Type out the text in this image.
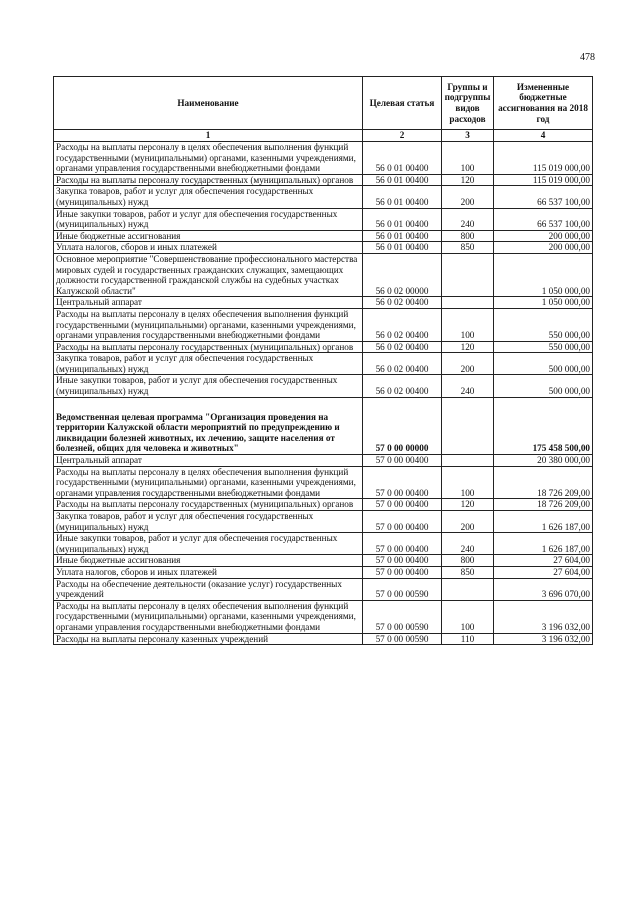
478
Наименование	Целевая статья	Группы и подгруппы видов расходов	Измененные бюджетные ассигнования на 2018 год
1	2	3	4
Расходы на выплаты персоналу в целях обеспечения выполнения функций государственными (муниципальными) органами, казенными учреждениями, органами управления государственными внебюджетными фондами	56 0 01 00400	100	115 019 000,00
Расходы на выплаты персоналу государственных (муниципальных) органов	56 0 01 00400	120	115 019 000,00
Закупка товаров, работ и услуг для обеспечения государственных (муниципальных) нужд	56 0 01 00400	200	66 537 100,00
Иные закупки товаров, работ и услуг для обеспечения государственных (муниципальных) нужд	56 0 01 00400	240	66 537 100,00
Иные бюджетные ассигнования	56 0 01 00400	800	200 000,00
Уплата налогов, сборов и иных платежей	56 0 01 00400	850	200 000,00
Основное мероприятие "Совершенствование профессионального мастерства мировых судей и государственных гражданских служащих, замещающих должности государственной гражданской службы на судебных участках Калужской области"	56 0 02 00000		1 050 000,00
Центральный аппарат	56 0 02 00400		1 050 000,00
Расходы на выплаты персоналу в целях обеспечения выполнения функций государственными (муниципальными) органами, казенными учреждениями, органами управления государственными внебюджетными фондами	56 0 02 00400	100	550 000,00
Расходы на выплаты персоналу государственных (муниципальных) органов	56 0 02 00400	120	550 000,00
Закупка товаров, работ и услуг для обеспечения государственных (муниципальных) нужд	56 0 02 00400	200	500 000,00
Иные закупки товаров, работ и услуг для обеспечения государственных (муниципальных) нужд	56 0 02 00400	240	500 000,00
Ведомственная целевая программа "Организация проведения на территории Калужской области мероприятий по предупреждению и ликвидации болезней животных, их лечению, защите населения от болезней, общих для человека и животных"	57 0 00 00000		175 458 500,00
Центральный аппарат	57 0 00 00400		20 380 000,00
Расходы на выплаты персоналу в целях обеспечения выполнения функций государственными (муниципальными) органами, казенными учреждениями, органами управления государственными внебюджетными фондами	57 0 00 00400	100	18 726 209,00
Расходы на выплаты персоналу государственных (муниципальных) органов	57 0 00 00400	120	18 726 209,00
Закупка товаров, работ и услуг для обеспечения государственных (муниципальных) нужд	57 0 00 00400	200	1 626 187,00
Иные закупки товаров, работ и услуг для обеспечения государственных (муниципальных) нужд	57 0 00 00400	240	1 626 187,00
Иные бюджетные ассигнования	57 0 00 00400	800	27 604,00
Уплата налогов, сборов и иных платежей	57 0 00 00400	850	27 604,00
Расходы на обеспечение деятельности (оказание услуг) государственных учреждений	57 0 00 00590		3 696 070,00
Расходы на выплаты персоналу в целях обеспечения выполнения функций государственными (муниципальными) органами, казенными учреждениями, органами управления государственными внебюджетными фондами	57 0 00 00590	100	3 196 032,00
Расходы на выплаты персоналу казенных учреждений	57 0 00 00590	110	3 196 032,00
